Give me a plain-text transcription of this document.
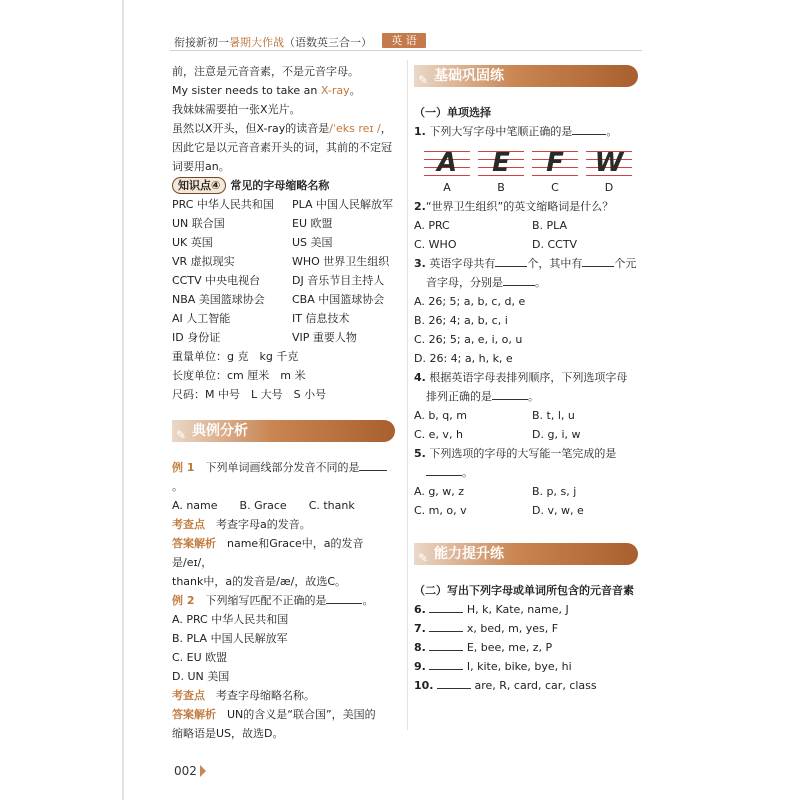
衔接新初一暑期大作战（语数英三合一）	英 语

前，注意是元音音素，不是元音字母。

My sister needs to take an X-ray。

我妹妹需要拍一张X光片。

虽然以X开头，但X-ray的读音是/ˈeks reɪ /，因此它是以元音音素开头的词，其前的不定冠词要用an。

知识点④ 常见的字母缩略名称
PRC 中华人民共和国	PLA 中国人民解放军
UN 联合国	EU 欧盟
UK 英国	US 美国
VR 虚拟现实	WHO 世界卫生组织
CCTV 中央电视台	DJ 音乐节目主持人
NBA 美国篮球协会	CBA 中国篮球协会
AI 人工智能	IT 信息技术
ID 身份证	VIP 重要人物

重量单位：g 克　kg 千克

长度单位：cm 厘米　m 米

尺码：M 中号　L 大号　S 小号

✎ 典例分析

例 1　 下列单词画线部分发音不同的是。

A. name　　 B. Grace　　 C. thank

考查点　 考查字母a的发音。

答案解析　 name和Grace中，a的发音是/eɪ/，

thank中，a的发音是/æ/，故选C。

例 2　 下列缩写匹配不正确的是	。

A. PRC 中华人民共和国

B. PLA 中国人民解放军

C. EU 欧盟

D. UN 美国

考查点　 考查字母缩略名称。

答案解析　 UN的含义是“联合国”，美国的

缩略语是US，故选D。

✎ 基础巩固练

（一）单项选择

1. 下列大写字母中笔顺正确的是	。

A
A
E
B
F
C
W
D

2.“世界卫生组织”的英文缩略词是什么？

A. PRC	B. PLA
C. WHO	D. CCTV

3. 英语字母共有	个，其中有	个元

音字母，分别是	。

A. 26; 5; a, b, c, d, e

B. 26; 4; a, b, c, i

C. 26; 5; a, e, i, o, u

D. 26: 4; a, h, k, e

4. 根据英语字母表排列顺序，下列选项字母

排列正确的是	。

A. b, q, m	B. t, l, u
C. e, v, h	D. g, i, w

5. 下列选项的字母的大写能一笔完成的是

。

A. g, w, z	B. p, s, j
C. m, o, v	D. v, w, e
✎ 能力提升练

（二）写出下列字母或单词所包含的元音音素

6.	H, k, Kate, name, J

7.	x, bed, m, yes, F

8.	E, bee, me, z, P

9.	I, kite, bike, bye, hi

10.	are, R, card, car, class

002
